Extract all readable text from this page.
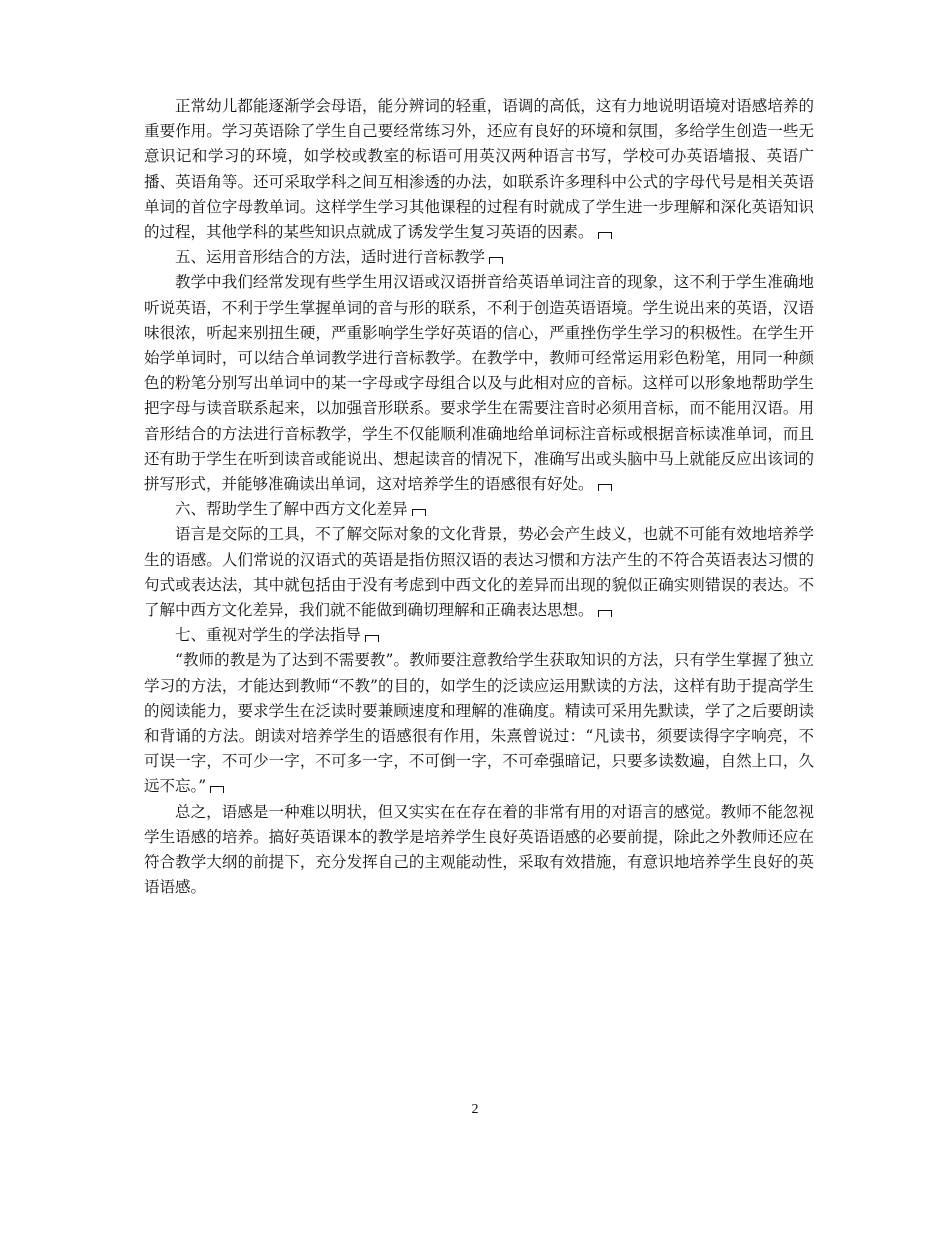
正常幼儿都能逐渐学会母语，能分辨词的轻重，语调的高低，这有力地说明语境对语感培养的重要作用。学习英语除了学生自己要经常练习外，还应有良好的环境和氛围，多给学生创造一些无意识记和学习的环境，如学校或教室的标语可用英汉两种语言书写，学校可办英语墙报、英语广播、英语角等。还可采取学科之间互相渗透的办法，如联系许多理科中公式的字母代号是相关英语单词的首位字母教单词。这样学生学习其他课程的过程有时就成了学生进一步理解和深化英语知识的过程，其他学科的某些知识点就成了诱发学生复习英语的因素。

五、运用音形结合的方法，适时进行音标教学

教学中我们经常发现有些学生用汉语或汉语拼音给英语单词注音的现象，这不利于学生准确地听说英语，不利于学生掌握单词的音与形的联系，不利于创造英语语境。学生说出来的英语，汉语味很浓，听起来别扭生硬，严重影响学生学好英语的信心，严重挫伤学生学习的积极性。在学生开始学单词时，可以结合单词教学进行音标教学。在教学中，教师可经常运用彩色粉笔，用同一种颜色的粉笔分别写出单词中的某一字母或字母组合以及与此相对应的音标。这样可以形象地帮助学生把字母与读音联系起来，以加强音形联系。要求学生在需要注音时必须用音标，而不能用汉语。用音形结合的方法进行音标教学，学生不仅能顺利准确地给单词标注音标或根据音标读准单词，而且还有助于学生在听到读音或能说出、想起读音的情况下，准确写出或头脑中马上就能反应出该词的拼写形式，并能够准确读出单词，这对培养学生的语感很有好处。

六、帮助学生了解中西方文化差异

语言是交际的工具，不了解交际对象的文化背景，势必会产生歧义，也就不可能有效地培养学生的语感。人们常说的汉语式的英语是指仿照汉语的表达习惯和方法产生的不符合英语表达习惯的句式或表达法，其中就包括由于没有考虑到中西文化的差异而出现的貌似正确实则错误的表达。不了解中西方文化差异，我们就不能做到确切理解和正确表达思想。

七、重视对学生的学法指导

“教师的教是为了达到不需要教”。教师要注意教给学生获取知识的方法，只有学生掌握了独立学习的方法，才能达到教师“不教”的目的，如学生的泛读应运用默读的方法，这样有助于提高学生的阅读能力，要求学生在泛读时要兼顾速度和理解的准确度。精读可采用先默读，学了之后要朗读和背诵的方法。朗读对培养学生的语感很有作用，朱熹曾说过：“凡读书，须要读得字字响亮，不可误一字，不可少一字，不可多一字，不可倒一字，不可牵强暗记，只要多读数遍，自然上口，久远不忘。”

总之，语感是一种难以明状，但又实实在在存在着的非常有用的对语言的感觉。教师不能忽视学生语感的培养。搞好英语课本的教学是培养学生良好英语语感的必要前提，除此之外教师还应在符合教学大纲的前提下，充分发挥自己的主观能动性，采取有效措施，有意识地培养学生良好的英语语感。

2
